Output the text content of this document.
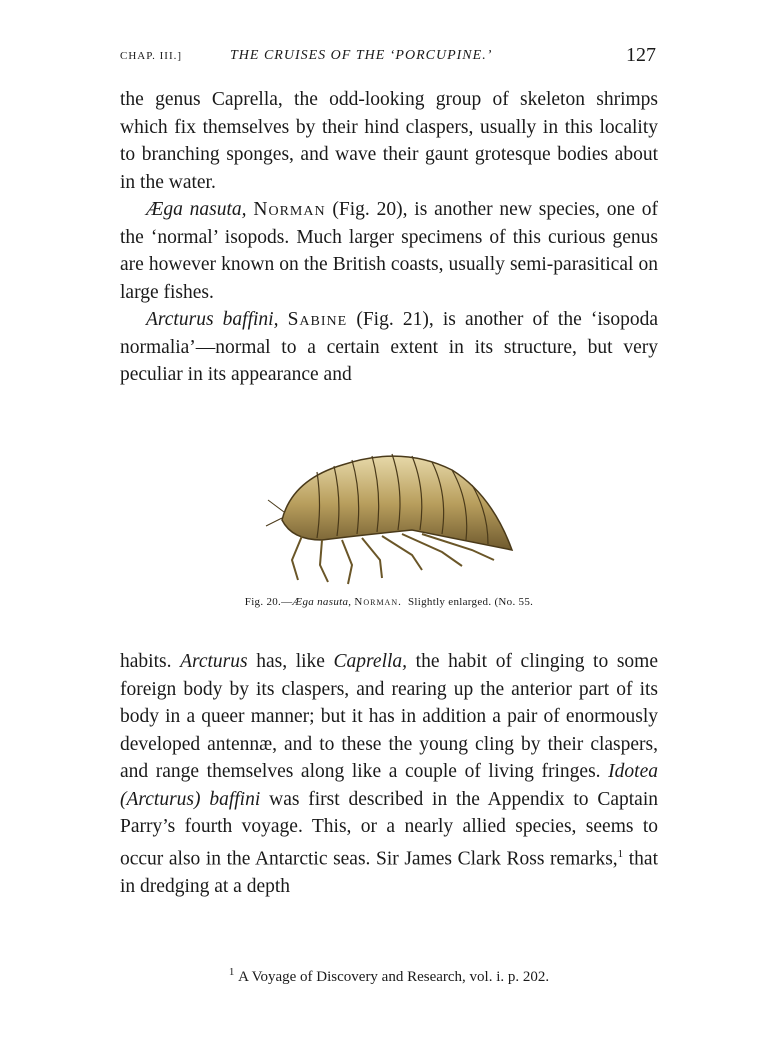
CHAP. III.]	THE CRUISES OF THE ‘PORCUPINE.’	127

the genus Caprella, the odd-looking group of skeleton shrimps which fix themselves by their hind claspers, usually in this locality to branching sponges, and wave their gaunt grotesque bodies about in the water.

Æga nasuta, Norman (Fig. 20), is another new species, one of the ‘normal’ isopods. Much larger specimens of this curious genus are however known on the British coasts, usually semi-parasitical on large fishes.

Arcturus baffini, Sabine (Fig. 21), is another of the ‘isopoda normalia’—normal to a certain extent in its structure, but very peculiar in its appearance and

Fig. 20.—Æga nasuta, Norman. Slightly enlarged. (No. 55.

habits. Arcturus has, like Caprella, the habit of clinging to some foreign body by its claspers, and rearing up the anterior part of its body in a queer manner; but it has in addition a pair of enormously developed antennæ, and to these the young cling by their claspers, and range themselves along like a couple of living fringes. Idotea (Arcturus) baffini was first described in the Appendix to Captain Parry’s fourth voyage. This, or a nearly allied species, seems to occur also in the Antarctic seas. Sir James Clark Ross remarks,$^1$ that in dredging at a depth

$^1$ A Voyage of Discovery and Research, vol. i. p. 202.
